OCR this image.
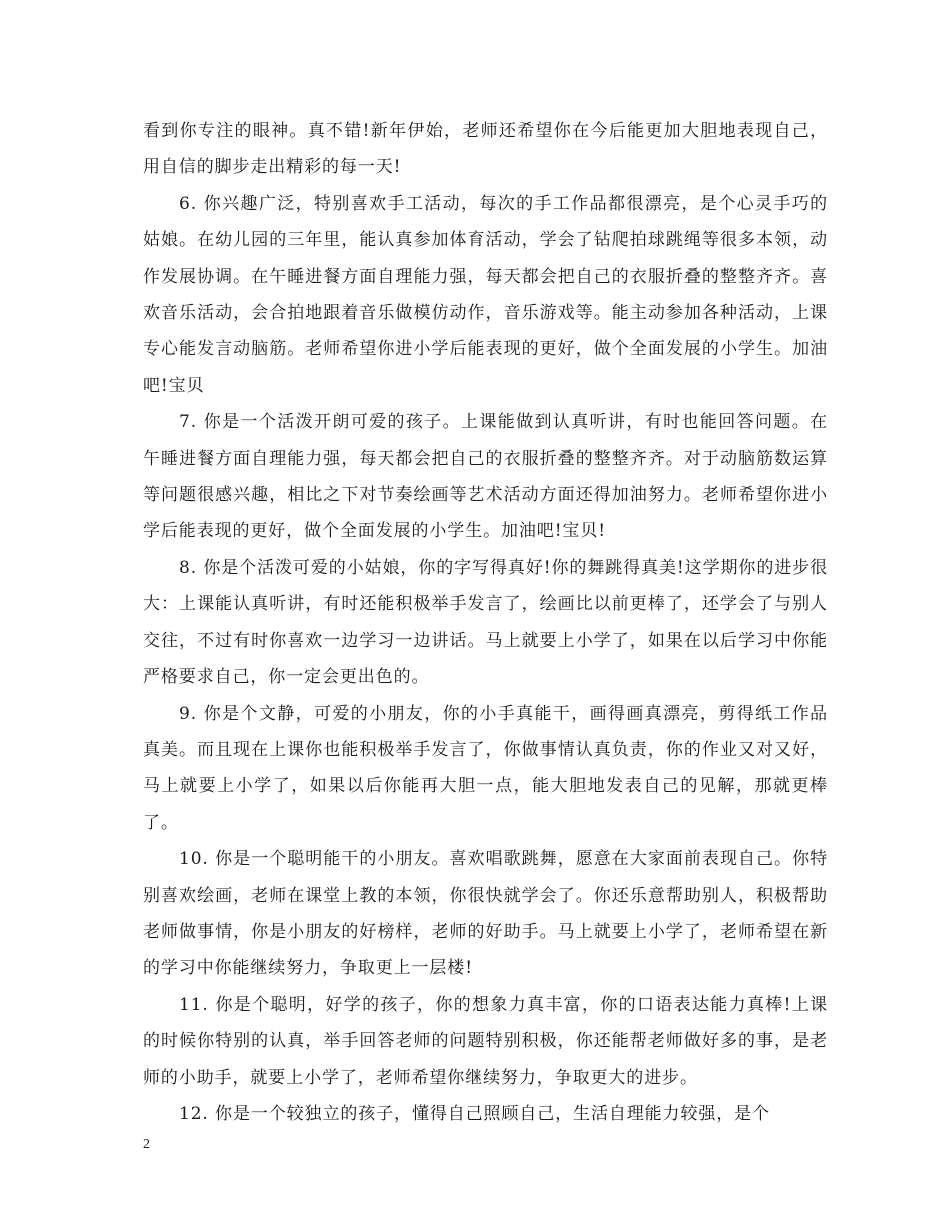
看到你专注的眼神。真不错!新年伊始，老师还希望你在今后能更加大胆地表现自己，用自信的脚步走出精彩的每一天!

6. 你兴趣广泛，特别喜欢手工活动，每次的手工作品都很漂亮，是个心灵手巧的姑娘。在幼儿园的三年里，能认真参加体育活动，学会了钻爬拍球跳绳等很多本领，动作发展协调。在午睡进餐方面自理能力强，每天都会把自己的衣服折叠的整整齐齐。喜欢音乐活动，会合拍地跟着音乐做模仿动作，音乐游戏等。能主动参加各种活动，上课专心能发言动脑筋。老师希望你进小学后能表现的更好，做个全面发展的小学生。加油吧!宝贝

7. 你是一个活泼开朗可爱的孩子。上课能做到认真听讲，有时也能回答问题。在午睡进餐方面自理能力强，每天都会把自己的衣服折叠的整整齐齐。对于动脑筋数运算等问题很感兴趣，相比之下对节奏绘画等艺术活动方面还得加油努力。老师希望你进小学后能表现的更好，做个全面发展的小学生。加油吧!宝贝!

8. 你是个活泼可爱的小姑娘，你的字写得真好!你的舞跳得真美!这学期你的进步很大：上课能认真听讲，有时还能积极举手发言了，绘画比以前更棒了，还学会了与别人交往，不过有时你喜欢一边学习一边讲话。马上就要上小学了，如果在以后学习中你能严格要求自己，你一定会更出色的。

9. 你是个文静，可爱的小朋友，你的小手真能干，画得画真漂亮，剪得纸工作品真美。而且现在上课你也能积极举手发言了，你做事情认真负责，你的作业又对又好，马上就要上小学了，如果以后你能再大胆一点，能大胆地发表自己的见解，那就更棒了。

10. 你是一个聪明能干的小朋友。喜欢唱歌跳舞，愿意在大家面前表现自己。你特别喜欢绘画，老师在课堂上教的本领，你很快就学会了。你还乐意帮助别人，积极帮助老师做事情，你是小朋友的好榜样，老师的好助手。马上就要上小学了，老师希望在新的学习中你能继续努力，争取更上一层楼!

11. 你是个聪明，好学的孩子，你的想象力真丰富，你的口语表达能力真棒!上课的时候你特别的认真，举手回答老师的问题特别积极，你还能帮老师做好多的事，是老师的小助手，就要上小学了，老师希望你继续努力，争取更大的进步。

12. 你是一个较独立的孩子，懂得自己照顾自己，生活自理能力较强，是个

2
